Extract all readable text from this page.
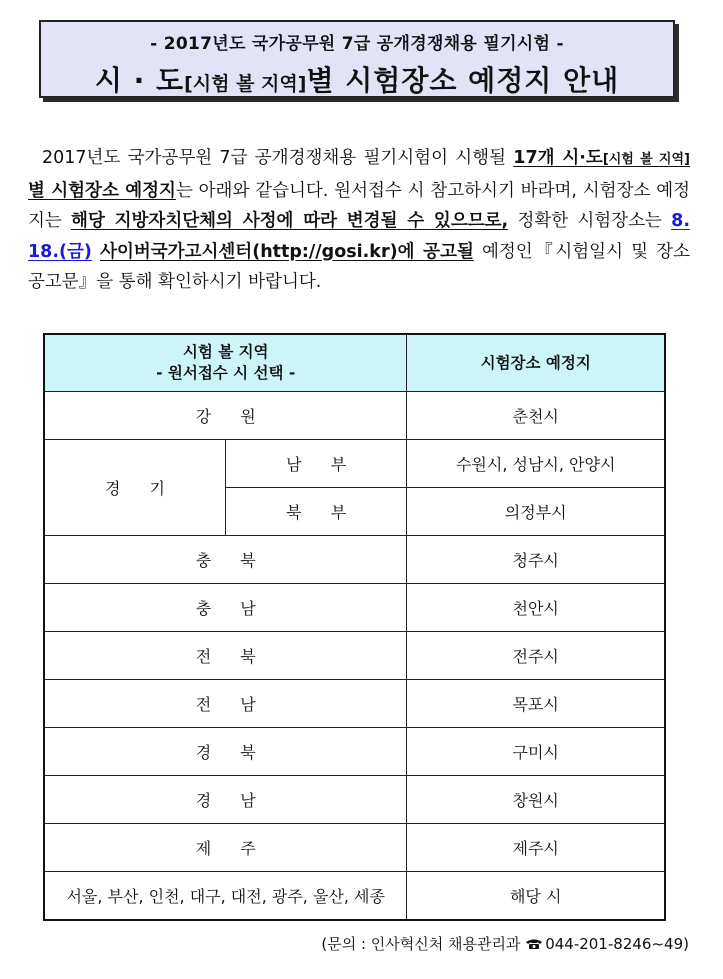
- 2017년도 국가공무원 7급 공개경쟁채용 필기시험 -
시 · 도[시험 볼 지역]별 시험장소 예정지 안내
2017년도 국가공무원 7급 공개경쟁채용 필기시험이 시행될 17개 시·도[시험 볼 지역]별 시험장소 예정지는 아래와 같습니다. 원서접수 시 참고하시기 바라며, 시험장소 예정지는 해당 지방자치단체의 사정에 따라 변경될 수 있으므로, 정확한 시험장소는 8. 18.(금) 사이버국가고시센터(http://gosi.kr)에 공고될 예정인『시험일시 및 장소 공고문』을 통해 확인하시기 바랍니다.
시험 볼 지역
- 원서접수 시 선택 -		시험장소 예정지
강 원		춘천시
경 기	남 부	수원시, 성남시, 안양시
	북 부	의정부시
충 북		청주시
충 남		천안시
전 북		전주시
전 남		목포시
경 북		구미시
경 남		창원시
제 주		제주시
서울, 부산, 인천, 대구, 대전, 광주, 울산, 세종		해당 시
(문의 : 인사혁신처 채용관리과 044-201-8246~49)
